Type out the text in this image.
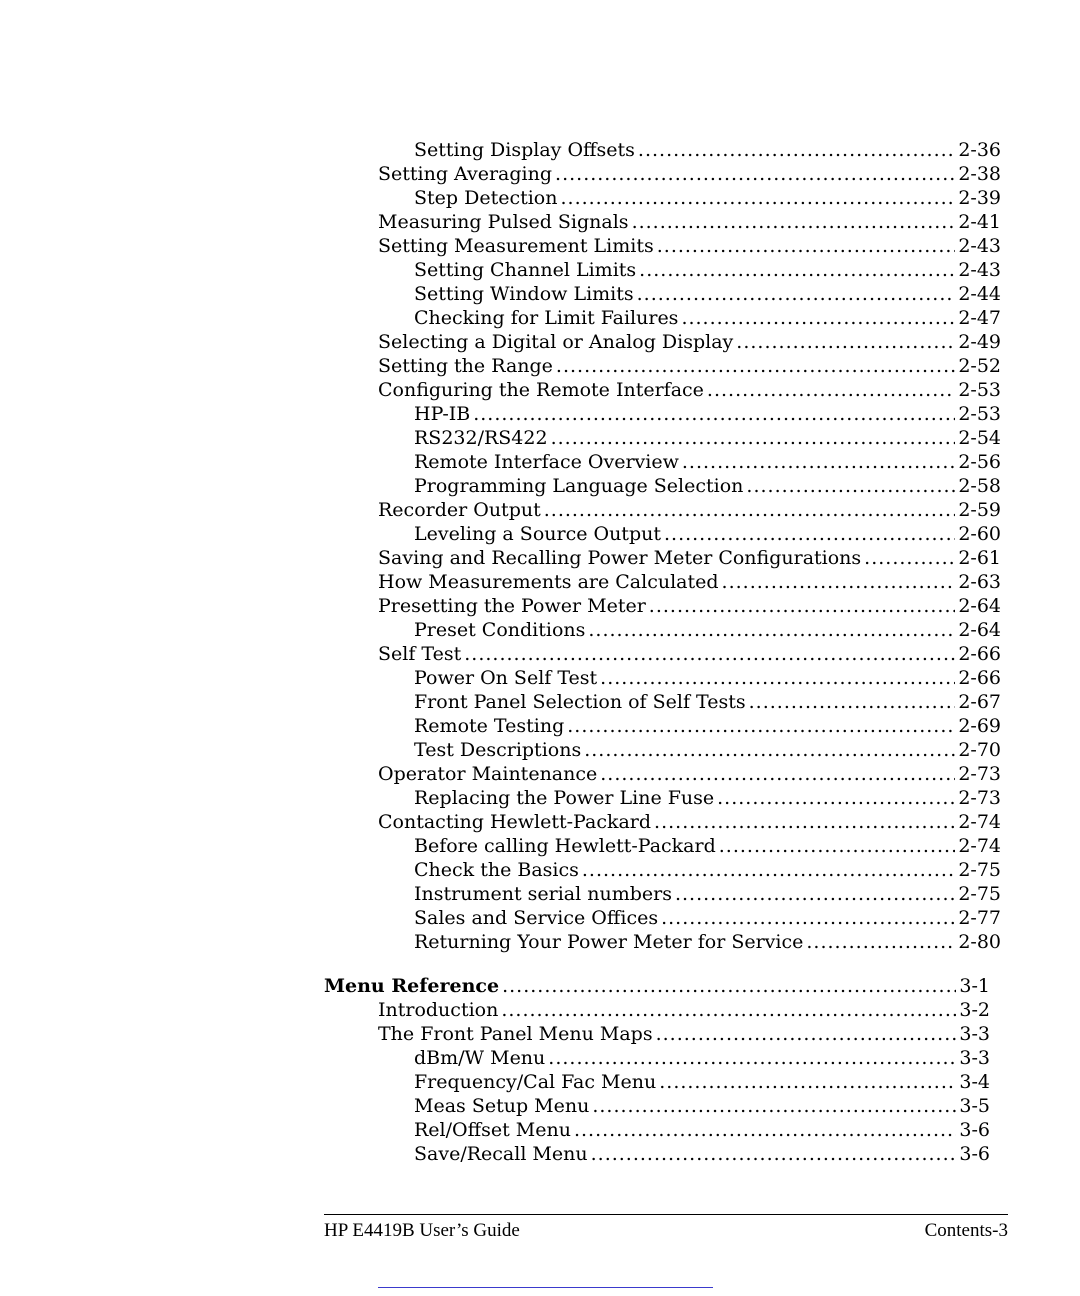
Setting Display Offsets .....	2-36
Setting Averaging .....	2-38
Step Detection .....	2-39
Measuring Pulsed Signals .....	2-41
Setting Measurement Limits .....	2-43
Setting Channel Limits .....	2-43
Setting Window Limits .....	2-44
Checking for Limit Failures .....	2-47
Selecting a Digital or Analog Display .....	2-49
Setting the Range .....	2-52
Configuring the Remote Interface .....	2-53
HP-IB .....	2-53
RS232/RS422 .....	2-54
Remote Interface Overview .....	2-56
Programming Language Selection .....	2-58
Recorder Output .....	2-59
Leveling a Source Output .....	2-60
Saving and Recalling Power Meter Configurations .....	2-61
How Measurements are Calculated .....	2-63
Presetting the Power Meter .....	2-64
Preset Conditions .....	2-64
Self Test .....	2-66
Power On Self Test .....	2-66
Front Panel Selection of Self Tests .....	2-67
Remote Testing .....	2-69
Test Descriptions .....	2-70
Operator Maintenance .....	2-73
Replacing the Power Line Fuse .....	2-73
Contacting Hewlett-Packard .....	2-74
Before calling Hewlett-Packard .....	2-74
Check the Basics .....	2-75
Instrument serial numbers .....	2-75
Sales and Service Offices .....	2-77
Returning Your Power Meter for Service .....	2-80
Menu Reference .....	3-1
Introduction .....	3-2
The Front Panel Menu Maps .....	3-3
dBm/W Menu .....	3-3
Frequency/Cal Fac Menu .....	3-4
Meas Setup Menu .....	3-5
Rel/Offset Menu .....	3-6
Save/Recall Menu .....	3-6
HP E4419B User’s Guide	Contents-3
